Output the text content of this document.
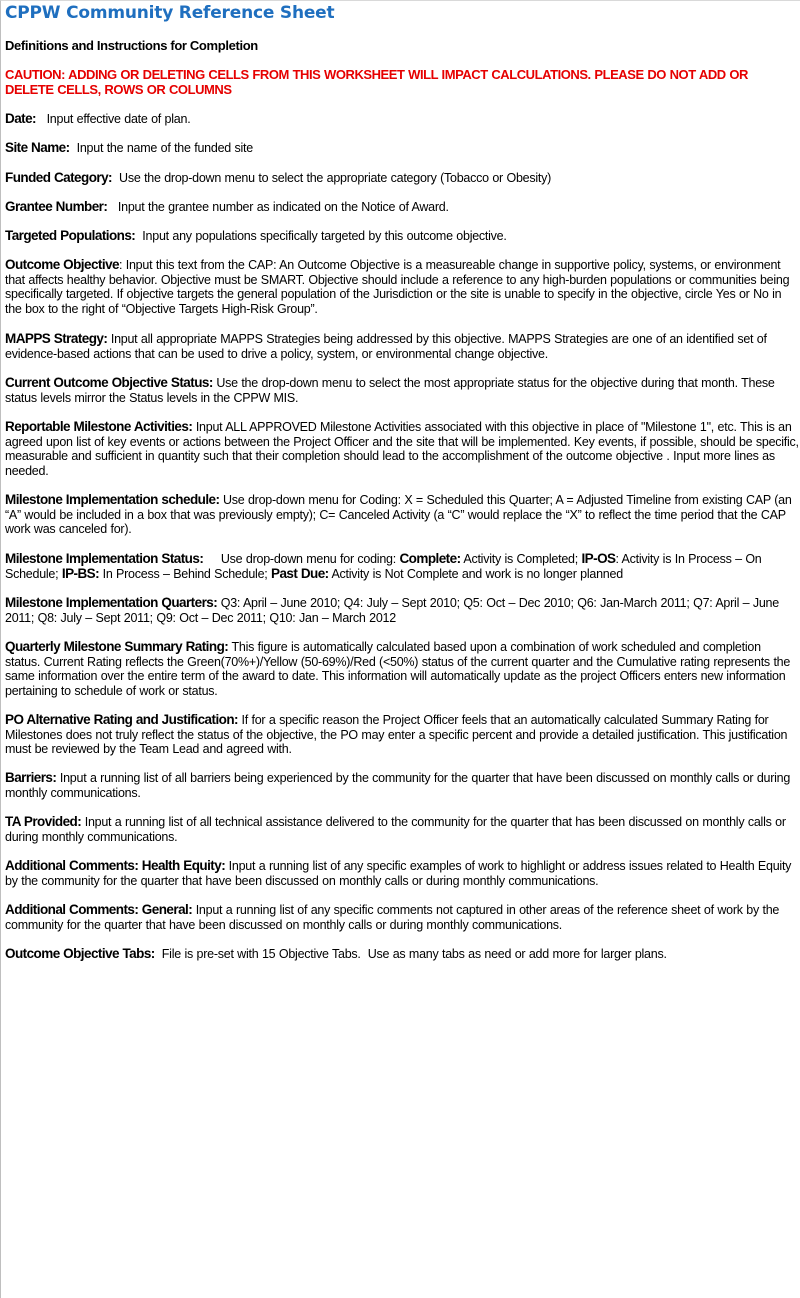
CPPW Community Reference Sheet
Definitions and Instructions for Completion
CAUTION: ADDING OR DELETING CELLS FROM THIS WORKSHEET WILL IMPACT CALCULATIONS. PLEASE DO NOT ADD OR DELETE CELLS, ROWS OR COLUMNS
Date:   Input effective date of plan.
Site Name:  Input the name of the funded site
Funded Category:  Use the drop-down menu to select the appropriate category (Tobacco or Obesity)
Grantee Number:   Input the grantee number as indicated on the Notice of Award.
Targeted Populations:  Input any populations specifically targeted by this outcome objective.
Outcome Objective: Input this text from the CAP: An Outcome Objective is a measureable change in supportive policy, systems, or environment that affects healthy behavior. Objective must be SMART. Objective should include a reference to any high-burden populations or communities being specifically targeted. If objective targets the general population of the Jurisdiction or the site is unable to specify in the objective, circle Yes or No in the box to the right of “Objective Targets High-Risk Group”.
MAPPS Strategy: Input all appropriate MAPPS Strategies being addressed by this objective. MAPPS Strategies are one of an identified set of evidence-based actions that can be used to drive a policy, system, or environmental change objective.
Current Outcome Objective Status: Use the drop-down menu to select the most appropriate status for the objective during that month. These status levels mirror the Status levels in the CPPW MIS.
Reportable Milestone Activities: Input ALL APPROVED Milestone Activities associated with this objective in place of "Milestone 1", etc. This is an agreed upon list of key events or actions between the Project Officer and the site that will be implemented. Key events, if possible, should be specific, measurable and sufficient in quantity such that their completion should lead to the accomplishment of the outcome objective . Input more lines as needed.
Milestone Implementation schedule: Use drop-down menu for Coding: X = Scheduled this Quarter; A = Adjusted Timeline from existing CAP (an “A” would be included in a box that was previously empty); C= Canceled Activity (a “C” would replace the “X” to reflect the time period that the CAP work was canceled for).
Milestone Implementation Status:     Use drop-down menu for coding: Complete: Activity is Completed; IP-OS: Activity is In Process – On Schedule; IP-BS: In Process – Behind Schedule; Past Due: Activity is Not Complete and work is no longer planned
Milestone Implementation Quarters: Q3: April – June 2010; Q4: July – Sept 2010; Q5: Oct – Dec 2010; Q6: Jan-March 2011; Q7: April – June 2011; Q8: July – Sept 2011; Q9: Oct – Dec 2011; Q10: Jan – March 2012
Quarterly Milestone Summary Rating: This figure is automatically calculated based upon a combination of work scheduled and completion status. Current Rating reflects the Green(70%+)/Yellow (50-69%)/Red (<50%) status of the current quarter and the Cumulative rating represents the same information over the entire term of the award to date. This information will automatically update as the project Officers enters new information pertaining to schedule of work or status.
PO Alternative Rating and Justification: If for a specific reason the Project Officer feels that an automatically calculated Summary Rating for Milestones does not truly reflect the status of the objective, the PO may enter a specific percent and provide a detailed justification. This justification must be reviewed by the Team Lead and agreed with.
Barriers: Input a running list of all barriers being experienced by the community for the quarter that have been discussed on monthly calls or during monthly communications.
TA Provided: Input a running list of all technical assistance delivered to the community for the quarter that has been discussed on monthly calls or during monthly communications.
Additional Comments: Health Equity: Input a running list of any specific examples of work to highlight or address issues related to Health Equity by the community for the quarter that have been discussed on monthly calls or during monthly communications.
Additional Comments: General: Input a running list of any specific comments not captured in other areas of the reference sheet of work by the community for the quarter that have been discussed on monthly calls or during monthly communications.
Outcome Objective Tabs:  File is pre-set with 15 Objective Tabs.  Use as many tabs as need or add more for larger plans.
